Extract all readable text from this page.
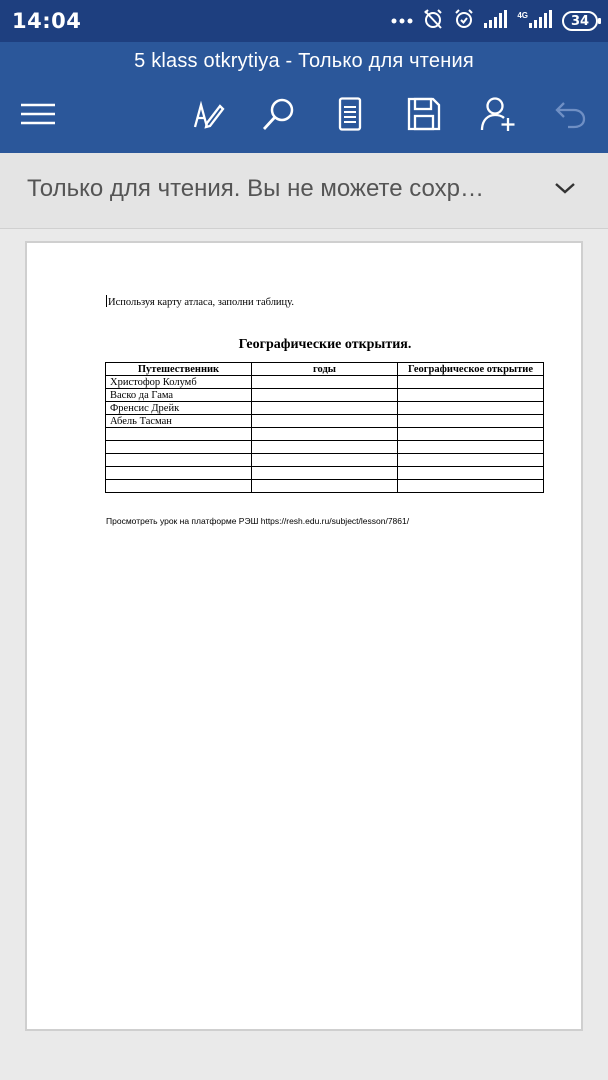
14:04	4G	34
5 klass otkrytiya - Только для чтения
Только для чтения. Вы не можете сохр…
Используя карту атласа, заполни таблицу.
Географические открытия.
Путешественник	годы	Географическое открытие
Христофор Колумб		
Васко да Гама		
Френсис Дрейк		
Абель Тасман		

Просмотреть урок на платформе РЭШ https://resh.edu.ru/subject/lesson/7861/
